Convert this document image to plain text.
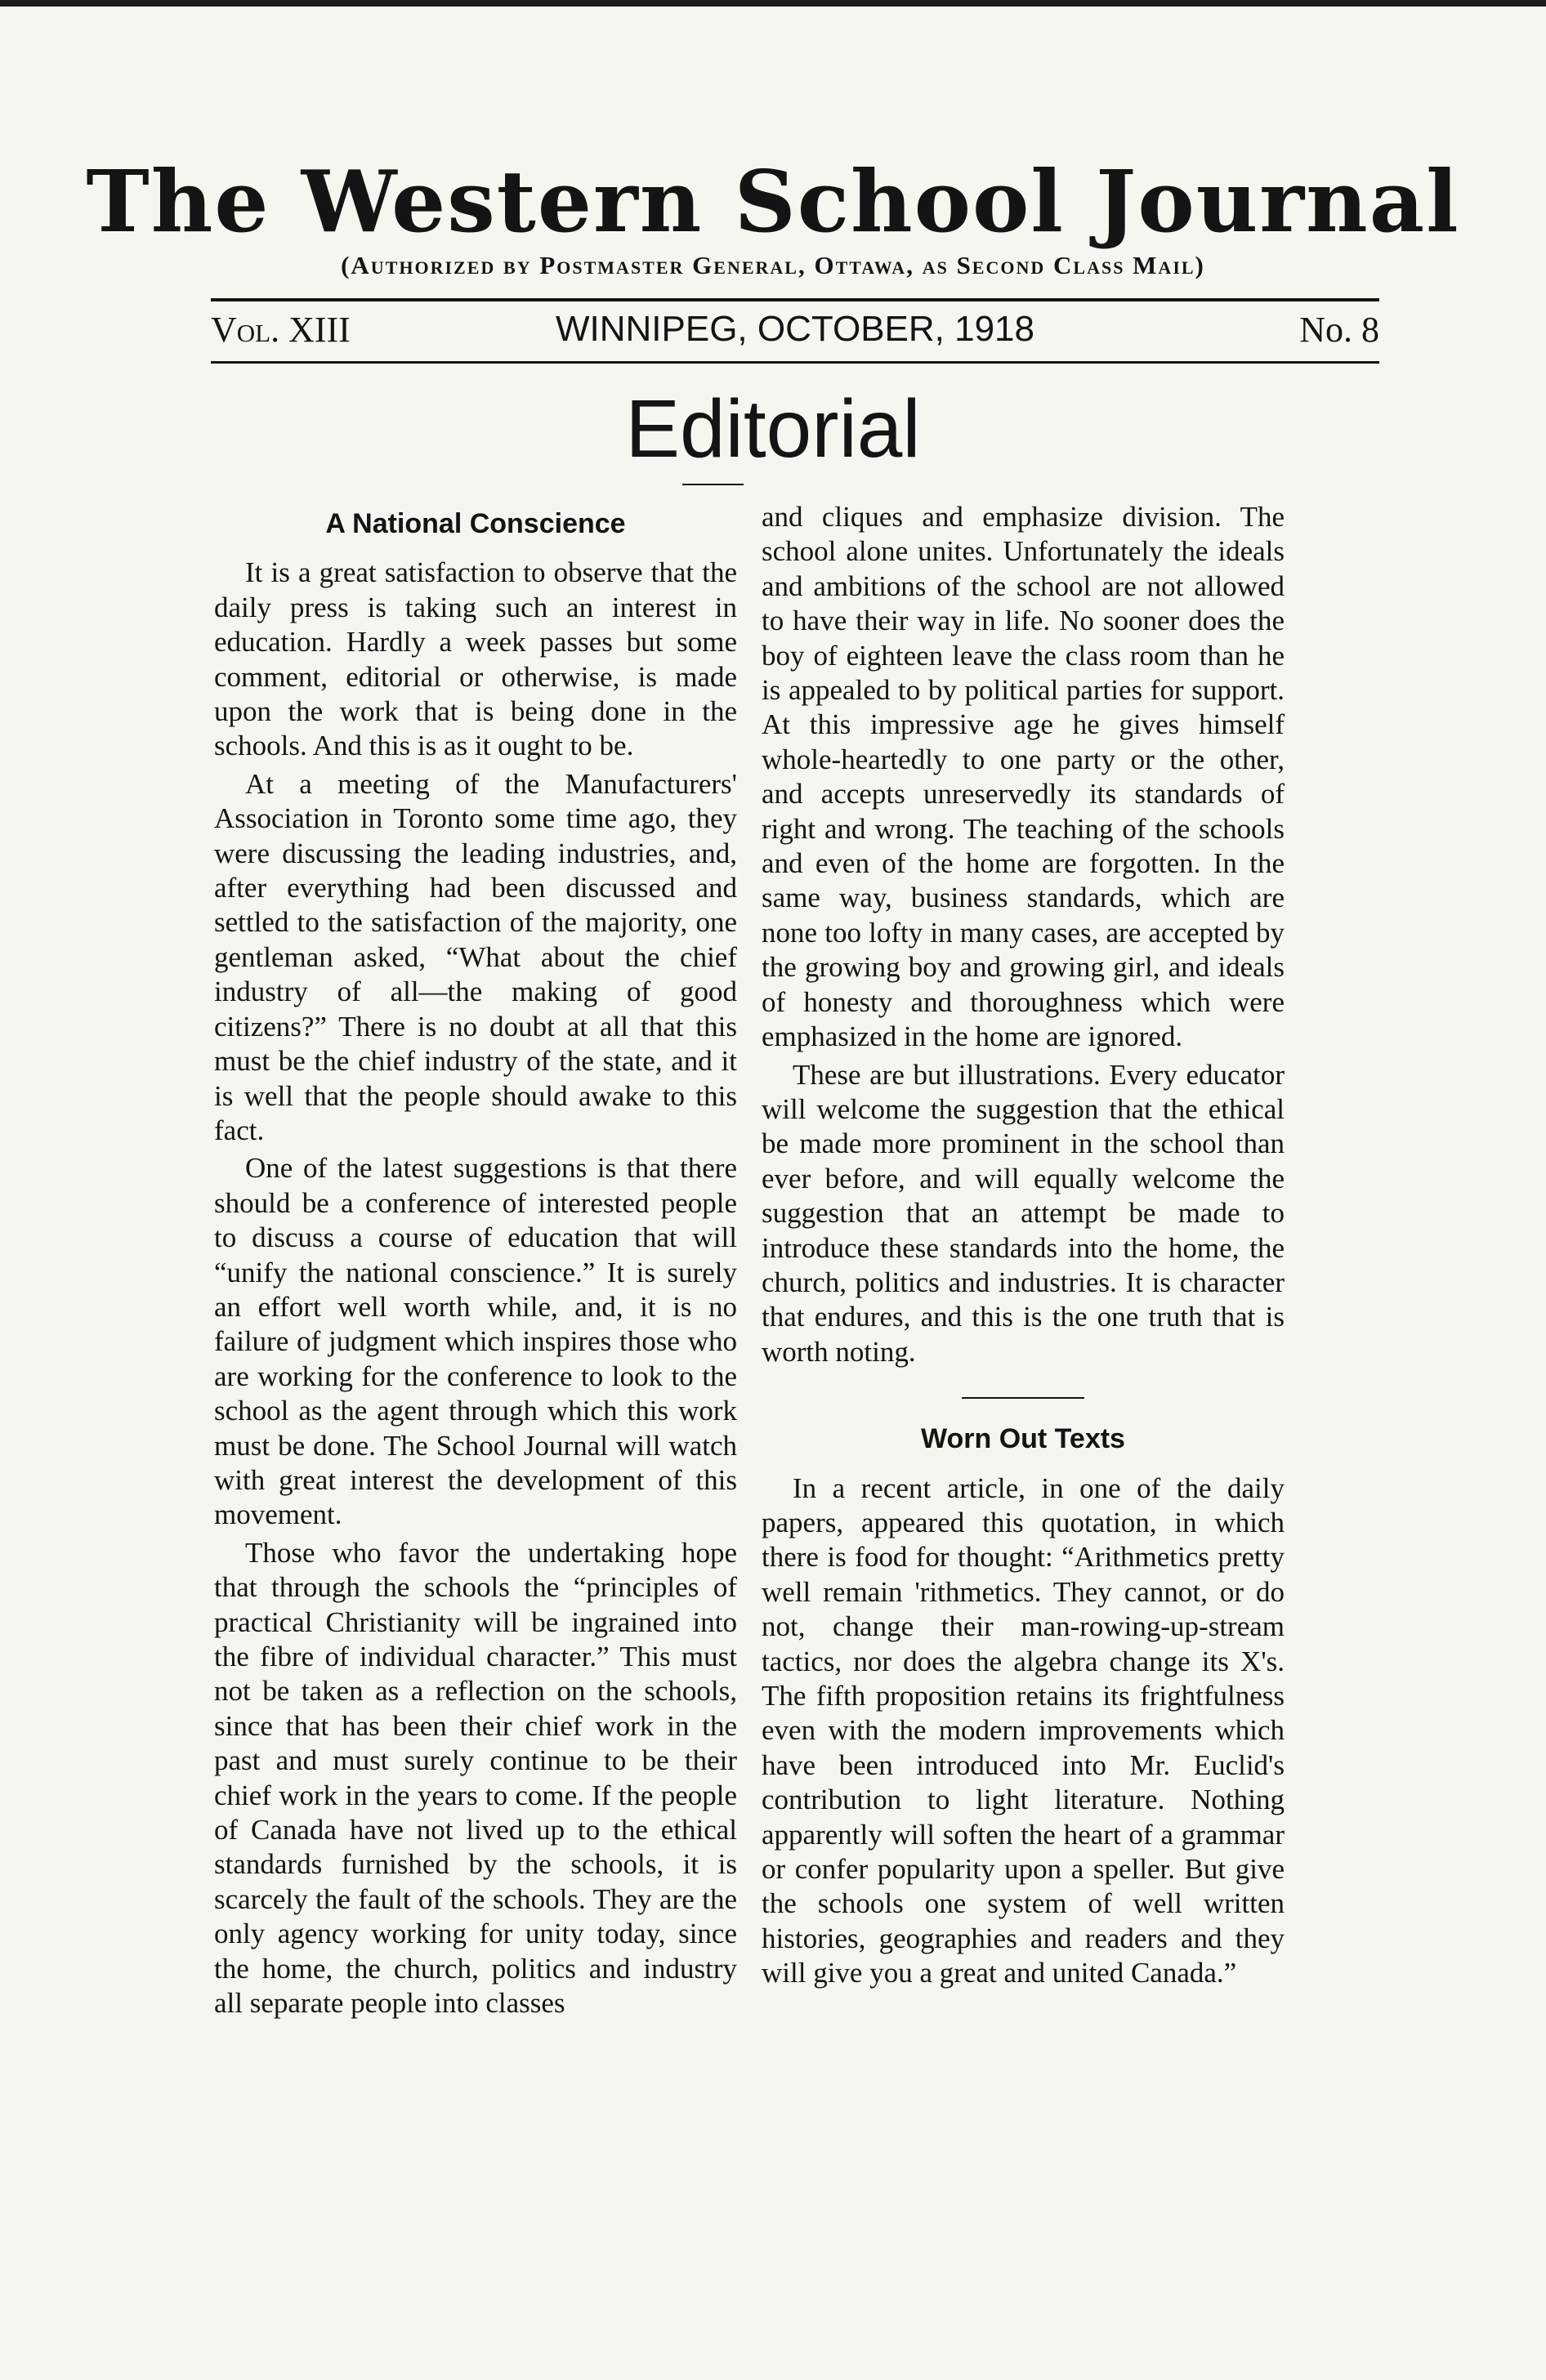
The Western School Journal
(Authorized by Postmaster General, Ottawa, as Second Class Mail)
Vol. XIII	WINNIPEG, OCTOBER, 1918	No. 8
Editorial
A National Conscience

It is a great satisfaction to observe that the daily press is taking such an interest in education. Hardly a week passes but some comment, editorial or otherwise, is made upon the work that is being done in the schools. And this is as it ought to be.

At a meeting of the Manufacturers' Association in Toronto some time ago, they were discussing the leading industries, and, after everything had been discussed and settled to the satisfaction of the majority, one gentleman asked, “What about the chief industry of all—the making of good citizens?” There is no doubt at all that this must be the chief industry of the state, and it is well that the people should awake to this fact.

One of the latest suggestions is that there should be a conference of interested people to discuss a course of education that will “unify the national conscience.” It is surely an effort well worth while, and, it is no failure of judgment which inspires those who are working for the conference to look to the school as the agent through which this work must be done. The School Journal will watch with great interest the development of this movement.

Those who favor the undertaking hope that through the schools the “principles of practical Christianity will be ingrained into the fibre of individual character.” This must not be taken as a reflection on the schools, since that has been their chief work in the past and must surely continue to be their chief work in the years to come. If the people of Canada have not lived up to the ethical standards furnished by the schools, it is scarcely the fault of the schools. They are the only agency working for unity today, since the home, the church, politics and industry all separate people into classes

and cliques and emphasize division. The school alone unites. Unfortunately the ideals and ambitions of the school are not allowed to have their way in life. No sooner does the boy of eighteen leave the class room than he is appealed to by political parties for support. At this impressive age he gives himself whole-heartedly to one party or the other, and accepts unreservedly its standards of right and wrong. The teaching of the schools and even of the home are forgotten. In the same way, business standards, which are none too lofty in many cases, are accepted by the growing boy and growing girl, and ideals of honesty and thoroughness which were emphasized in the home are ignored.

These are but illustrations. Every educator will welcome the suggestion that the ethical be made more prominent in the school than ever before, and will equally welcome the suggestion that an attempt be made to introduce these standards into the home, the church, politics and industries. It is character that endures, and this is the one truth that is worth noting.

Worn Out Texts

In a recent article, in one of the daily papers, appeared this quotation, in which there is food for thought: “Arithmetics pretty well remain 'rithmetics. They cannot, or do not, change their man-rowing-up-stream tactics, nor does the algebra change its X's. The fifth proposition retains its frightfulness even with the modern improvements which have been introduced into Mr. Euclid's contribution to light literature. Nothing apparently will soften the heart of a grammar or confer popularity upon a speller. But give the schools one system of well written histories, geographies and readers and they will give you a great and united Canada.”
